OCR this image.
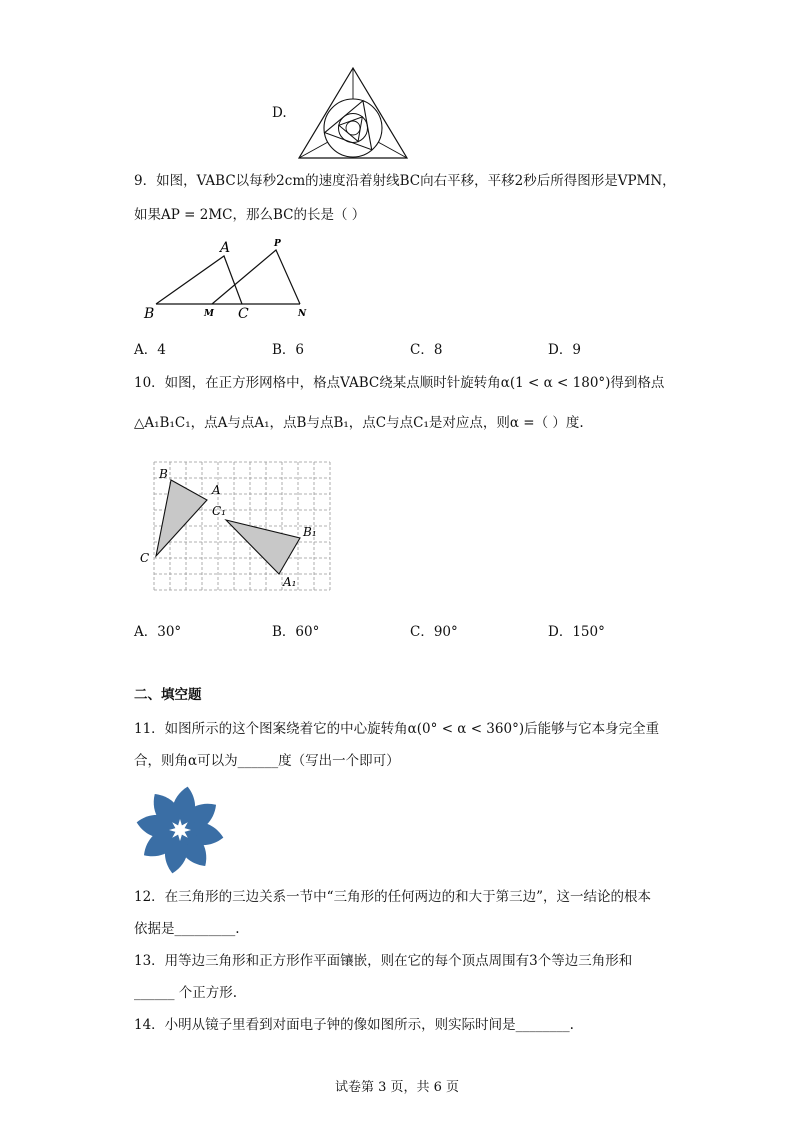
D.
9．如图，VABC以每秒2cm的速度沿着射线BC向右平移，平移2秒后所得图形是VPMN，
如果AP = 2MC，那么BC的长是（ ）
A
B	C
M
P
N
A．4	B．6	C．8	D．9
10．如图，在正方形网格中，格点VABC绕某点顺时针旋转角α(1 < α < 180°)得到格点
△A₁B₁C₁，点A与点A₁，点B与点B₁，点C与点C₁是对应点，则α =（ ）度.
B
A
C
C₁
B₁
A₁
A．30°	B．60°	C．90°	D．150°
二、填空题
11．如图所示的这个图案绕着它的中心旋转角α(0° < α < 360°)后能够与它本身完全重
合，则角α可以为______度（写出一个即可）
12．在三角形的三边关系一节中“三角形的任何两边的和大于第三边”，这一结论的根本
依据是_________.
13．用等边三角形和正方形作平面镶嵌，则在它的每个顶点周围有3个等边三角形和
______ 个正方形.
14．小明从镜子里看到对面电子钟的像如图所示，则实际时间是________.
试卷第 3 页，共 6 页
